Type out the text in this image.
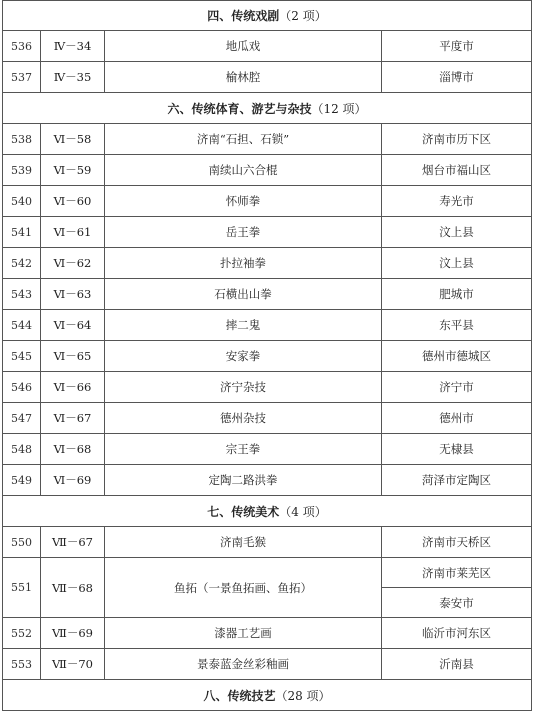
四、传统戏剧（2 项）			
536	Ⅳ－34	地瓜戏	平度市
537	Ⅳ－35	榆林腔	淄博市
六、传统体育、游艺与杂技（12 项）			
538	Ⅵ－58	济南“石担、石锁”	济南市历下区
539	Ⅵ－59	南续山六合棍	烟台市福山区
540	Ⅵ－60	怀师拳	寿光市
541	Ⅵ－61	岳王拳	汶上县
542	Ⅵ－62	扑拉袖拳	汶上县
543	Ⅵ－63	石横出山拳	肥城市
544	Ⅵ－64	摔二鬼	东平县
545	Ⅵ－65	安家拳	德州市德城区
546	Ⅵ－66	济宁杂技	济宁市
547	Ⅵ－67	德州杂技	德州市
548	Ⅵ－68	宗王拳	无棣县
549	Ⅵ－69	定陶二路洪拳	菏泽市定陶区
七、传统美术（4 项）			
550	Ⅶ－67	济南毛猴	济南市天桥区
551	Ⅶ－68	鱼拓（一景鱼拓画、鱼拓）	济南市莱芜区
			泰安市
552	Ⅶ－69	漆器工艺画	临沂市河东区
553	Ⅶ－70	景泰蓝金丝彩釉画	沂南县
八、传统技艺（28 项）			
